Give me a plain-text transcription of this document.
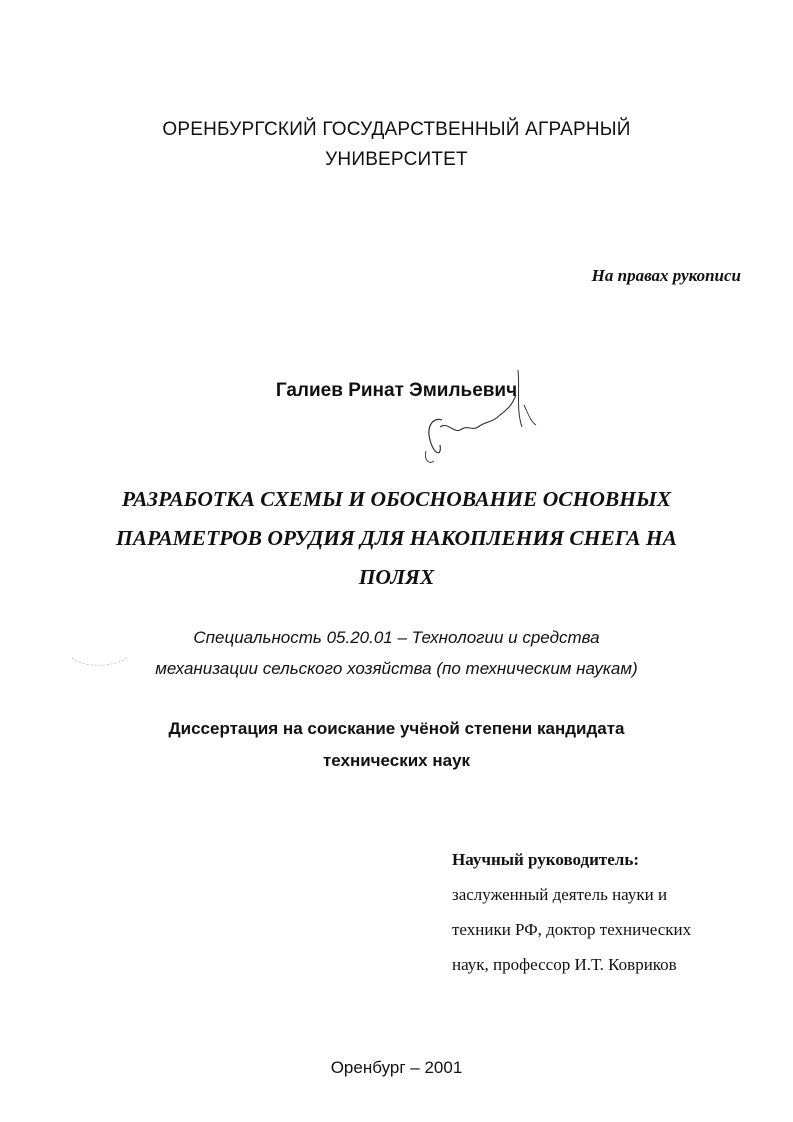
ОРЕНБУРГСКИЙ ГОСУДАРСТВЕННЫЙ АГРАРНЫЙ
УНИВЕРСИТЕТ
На правах рукописи
Галиев Ринат Эмильевич
РАЗРАБОТКА СХЕМЫ И ОБОСНОВАНИЕ ОСНОВНЫХ
ПАРАМЕТРОВ ОРУДИЯ ДЛЯ НАКОПЛЕНИЯ СНЕГА НА
ПОЛЯХ
Специальность 05.20.01 – Технологии и средства
механизации сельского хозяйства (по техническим наукам)
Диссертация на соискание учёной степени кандидата
технических наук
Научный руководитель:
заслуженный деятель науки и
техники РФ, доктор технических
наук, профессор И.Т. Ковриков
Оренбург – 2001
